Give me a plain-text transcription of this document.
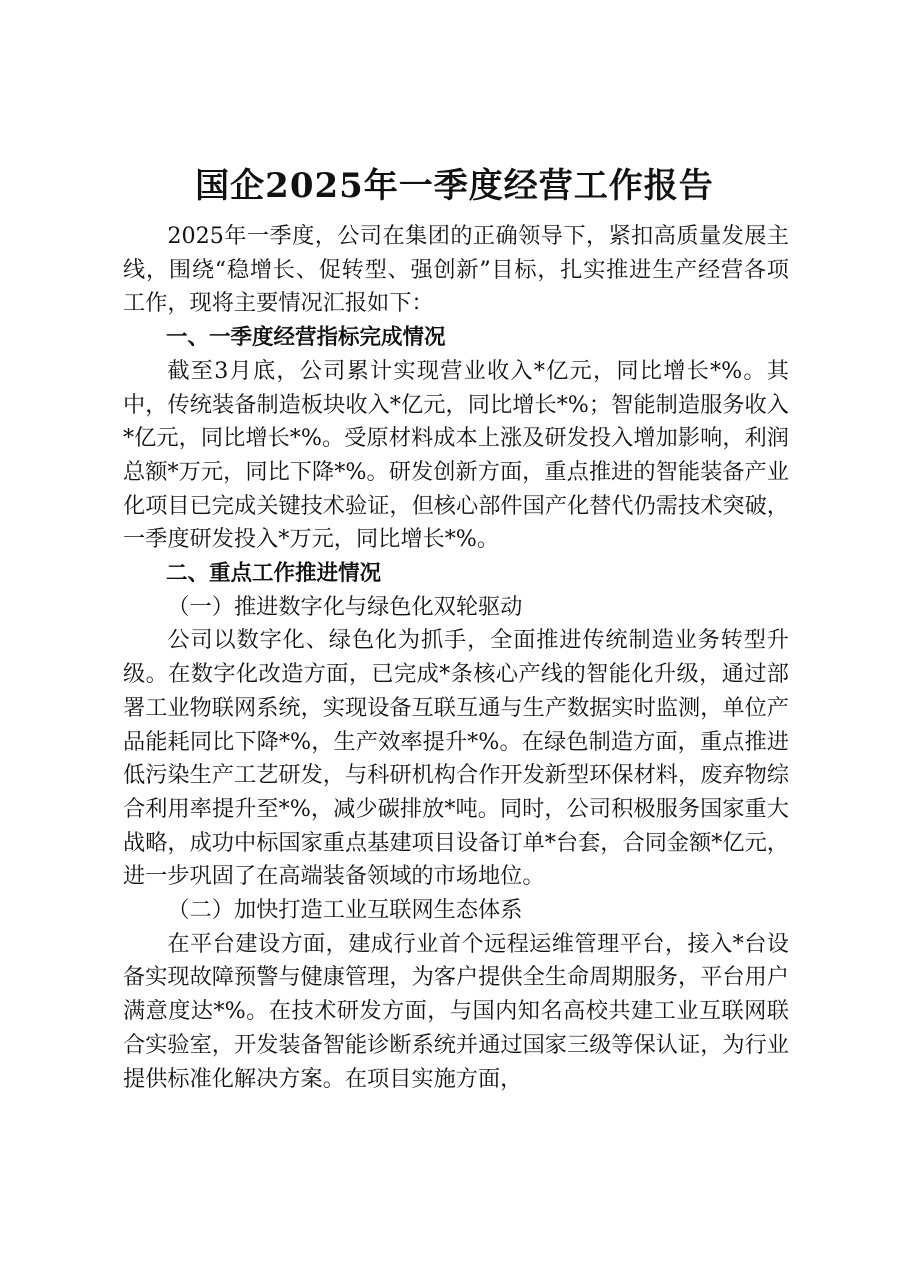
国企2025年一季度经营工作报告

2025年一季度，公司在集团的正确领导下，紧扣高质量发展主线，围绕“稳增长、促转型、强创新”目标，扎实推进生产经营各项工作，现将主要情况汇报如下：

一、一季度经营指标完成情况

截至3月底，公司累计实现营业收入*亿元，同比增长*%。其中，传统装备制造板块收入*亿元，同比增长*%；智能制造服务收入*亿元，同比增长*%。受原材料成本上涨及研发投入增加影响，利润总额*万元，同比下降*%。研发创新方面，重点推进的智能装备产业化项目已完成关键技术验证，但核心部件国产化替代仍需技术突破，一季度研发投入*万元，同比增长*%。

二、重点工作推进情况

（一）推进数字化与绿色化双轮驱动

公司以数字化、绿色化为抓手，全面推进传统制造业务转型升级。在数字化改造方面，已完成*条核心产线的智能化升级，通过部署工业物联网系统，实现设备互联互通与生产数据实时监测，单位产品能耗同比下降*%，生产效率提升*%。在绿色制造方面，重点推进低污染生产工艺研发，与科研机构合作开发新型环保材料，废弃物综合利用率提升至*%，减少碳排放*吨。同时，公司积极服务国家重大战略，成功中标国家重点基建项目设备订单*台套，合同金额*亿元，进一步巩固了在高端装备领域的市场地位。

（二）加快打造工业互联网生态体系

在平台建设方面，建成行业首个远程运维管理平台，接入*台设备实现故障预警与健康管理，为客户提供全生命周期服务，平台用户满意度达*%。在技术研发方面，与国内知名高校共建工业互联网联合实验室，开发装备智能诊断系统并通过国家三级等保认证，为行业提供标准化解决方案。在项目实施方面，
